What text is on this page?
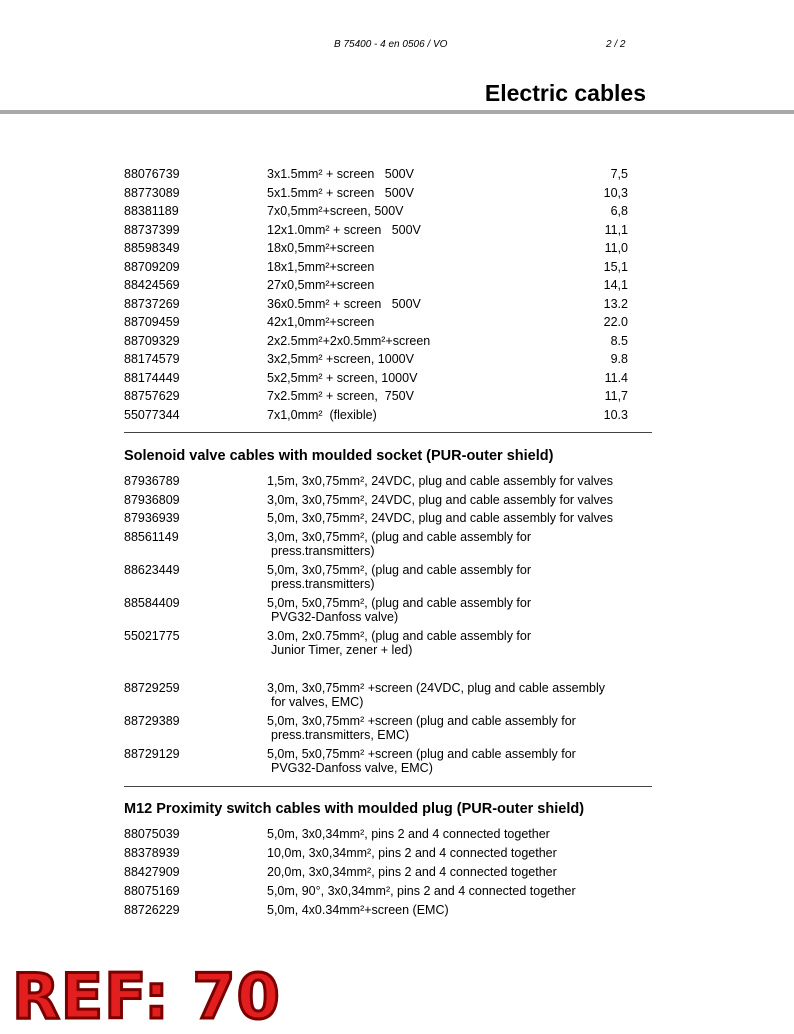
B 75400 - 4 en 0506 / VO	2 / 2
Electric cables
88076739	3x1.5mm² + screen   500V	7,5
88773089	5x1.5mm² + screen   500V	10,3
88381189	7x0,5mm²+screen, 500V	6,8
88737399	12x1.0mm² + screen   500V	11,1
88598349	18x0,5mm²+screen	11,0
88709209	18x1,5mm²+screen	15,1
88424569	27x0,5mm²+screen	14,1
88737269	36x0.5mm² + screen   500V	13.2
88709459	42x1,0mm²+screen	22.0
88709329	2x2.5mm²+2x0.5mm²+screen	8.5
88174579	3x2,5mm² +screen, 1000V	9.8
88174449	5x2,5mm² + screen, 1000V	11.4
88757629	7x2.5mm² + screen,  750V	11,7
55077344	7x1,0mm²  (flexible)	10.3
Solenoid valve cables with moulded socket (PUR-outer shield)
87936789	1,5m, 3x0,75mm², 24VDC, plug and cable assembly for valves
87936809	3,0m, 3x0,75mm², 24VDC, plug and cable assembly for valves
87936939	5,0m, 3x0,75mm², 24VDC, plug and cable assembly for valves
88561149	3,0m, 3x0,75mm², (plug and cable assembly for
press.transmitters)
88623449	5,0m, 3x0,75mm², (plug and cable assembly for
press.transmitters)
88584409	5,0m, 5x0,75mm², (plug and cable assembly for
PVG32-Danfoss valve)
55021775	3.0m, 2x0.75mm², (plug and cable assembly for
Junior Timer, zener + led)
88729259	3,0m, 3x0,75mm² +screen (24VDC, plug and cable assembly
for valves, EMC)
88729389	5,0m, 3x0,75mm² +screen (plug and cable assembly for
press.transmitters, EMC)
88729129	5,0m, 5x0,75mm² +screen (plug and cable assembly for
PVG32-Danfoss valve, EMC)
M12 Proximity switch cables with moulded plug (PUR-outer shield)
88075039	5,0m, 3x0,34mm², pins 2 and 4 connected together
88378939	10,0m, 3x0,34mm², pins 2 and 4 connected together
88427909	20,0m, 3x0,34mm², pins 2 and 4 connected together
88075169	5,0m, 90°, 3x0,34mm², pins 2 and 4 connected together
88726229	5,0m, 4x0.34mm²+screen (EMC)
REF: 70
